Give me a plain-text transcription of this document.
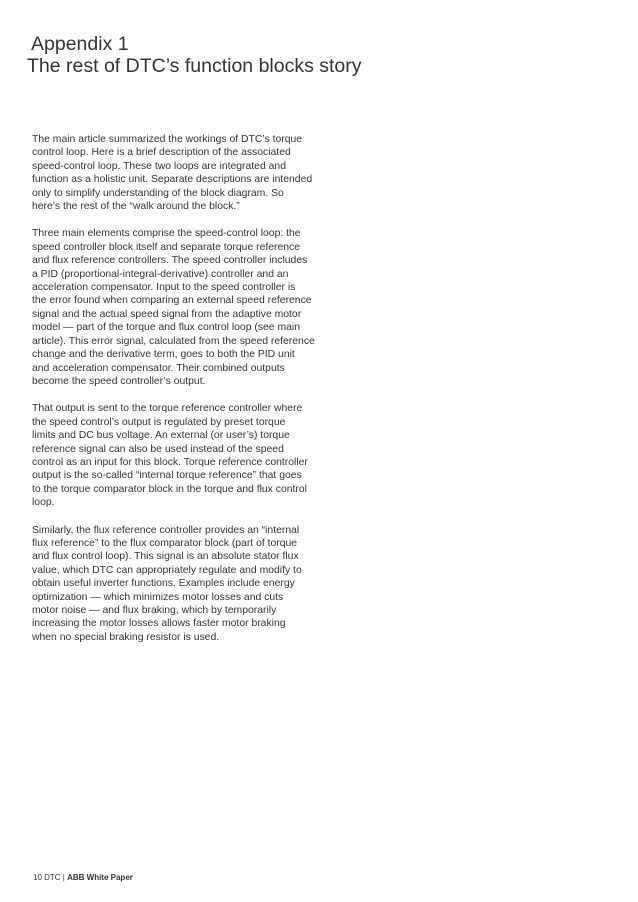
Appendix 1
The rest of DTC’s function blocks story

The main article summarized the workings of DTC’s torque
control loop. Here is a brief description of the associated
speed-control loop. These two loops are integrated and
function as a holistic unit. Separate descriptions are intended
only to simplify understanding of the block diagram. So
here’s the rest of the “walk around the block.”

Three main elements comprise the speed-control loop: the
speed controller block itself and separate torque reference
and flux reference controllers. The speed controller includes
a PID (proportional-integral-derivative) controller and an
acceleration compensator. Input to the speed controller is
the error found when comparing an external speed reference
signal and the actual speed signal from the adaptive motor
model — part of the torque and flux control loop (see main
article). This error signal, calculated from the speed reference
change and the derivative term, goes to both the PID unit
and acceleration compensator. Their combined outputs
become the speed controller’s output.

That output is sent to the torque reference controller where
the speed control’s output is regulated by preset torque
limits and DC bus voltage. An external (or user’s) torque
reference signal can also be used instead of the speed
control as an input for this block. Torque reference controller
output is the so-called “internal torque reference” that goes
to the torque comparator block in the torque and flux control
loop.

Similarly, the flux reference controller provides an “internal
flux reference” to the flux comparator block (part of torque
and flux control loop). This signal is an absolute stator flux
value, which DTC can appropriately regulate and modify to
obtain useful inverter functions. Examples include energy
optimization — which minimizes motor losses and cuts
motor noise — and flux braking, which by temporarily
increasing the motor losses allows faster motor braking
when no special braking resistor is used.

10 DTC | ABB White Paper
